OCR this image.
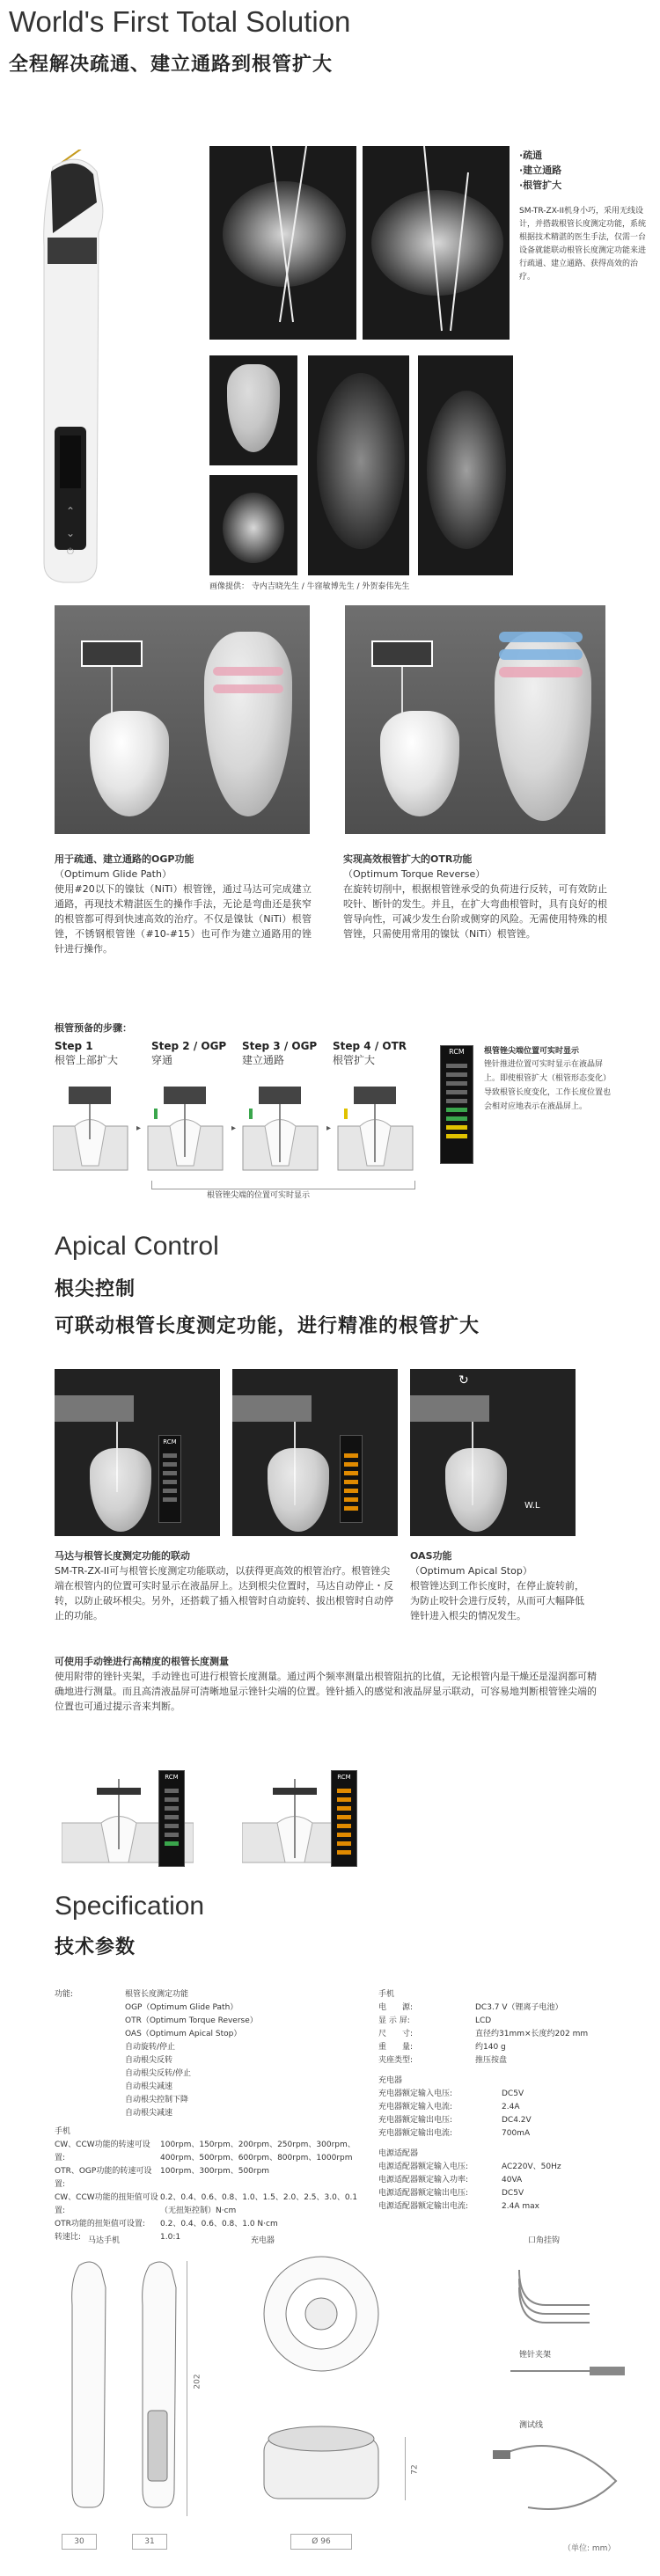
World's First Total Solution
全程解决疏通、建立通路到根管扩大
⌃
⌄
⏻
·疏通
·建立通路
·根管扩大
SM-TR-ZX-II机身小巧，采用无线设计，并搭载根管长度测定功能，系统根据技术精湛的医生手法，仅需一台设备就能联动根管长度测定功能来进行疏通、建立通路、获得高效的治疗。
画像提供： 寺内吉晓先生 / 牛窪敏博先生 / 外贺泰伟先生
用于疏通、建立通路的OGP功能
（Optimum Glide Path）
使用#20以下的镍钛（NiTi）根管锉，通过马达可完成建立通路，再现技术精湛医生的操作手法，无论是弯曲还是狭窄的根管都可得到快速高效的治疗。不仅是镍钛（NiTi）根管锉，不锈钢根管锉（#10-#15）也可作为建立通路用的锉针进行操作。
实现高效根管扩大的OTR功能
（Optimum Torque Reverse）
在旋转切削中，根据根管锉承受的负荷进行反转，可有效防止咬针、断针的发生。并且，在扩大弯曲根管时，具有良好的根管导向性，可减少发生台阶或侧穿的风险。无需使用特殊的根管锉，只需使用常用的镍钛（NiTi）根管锉。
根管预备的步骤：
Step 1
根管上部扩大
Step 2 / OGP
穿通
Step 3 / OGP
建立通路
Step 4 / OTR
根管扩大
▸	▸	▸
根管锉尖端的位置可实时显示
RCM	根管锉尖端位置可实时显示
锉针推进位置可实时显示在液晶屏上。即使根管扩大（根管形态变化）导致根管长度变化，工作长度位置也会相对应地表示在液晶屏上。
Apical Control
根尖控制
可联动根管长度测定功能，进行精准的根管扩大
RCM
↻
W.L
马达与根管长度测定功能的联动
SM-TR-ZX-II可与根管长度测定功能联动，以获得更高效的根管治疗。根管锉尖端在根管内的位置可实时显示在液晶屏上。达到根尖位置时，马达自动停止・反转，以防止破坏根尖。另外，还搭载了插入根管时自动旋转、拔出根管时自动停止的功能。
OAS功能
（Optimum Apical Stop）
根管锉达到工作长度时，在停止旋转前，为防止咬针会进行反转，从而可大幅降低锉针进入根尖的情况发生。
可使用手动锉进行高精度的根管长度测量
使用附带的锉针夹架，手动锉也可进行根管长度测量。通过两个频率测量出根管阻抗的比值，无论根管内是干燥还是湿润都可精确地进行测量。而且高清液晶屏可清晰地显示锉针尖端的位置。锉针插入的感觉和液晶屏显示联动，可容易地判断根管锉尖端的位置也可通过提示音来判断。
RCM	RCM
Specification
技术参数
功能:	根管长度测定功能
OGP（Optimum Glide Path）
OTR（Optimum Torque Reverse）
OAS（Optimum Apical Stop）
自动旋转/停止
自动根尖反转
自动根尖反转/停止
自动根尖减速
自动根尖控制下降
自动根尖减速
手机
CW、CCW功能的转速可设置:
100rpm、150rpm、200rpm、250rpm、300rpm、400rpm、500rpm、600rpm、800rpm、1000rpm
OTR、OGP功能的转速可设置:
100rpm、300rpm、500rpm
CW、CCW功能的扭矩值可设置:
0.2、0.4、0.6、0.8、1.0、1.5、2.0、2.5、3.0、0.1（无扭矩控制）N·cm
OTR功能的扭矩值可设置:	0.2、0.4、0.6、0.8、1.0 N·cm
转速比:	1.0:1
手机
电　　源:	DC3.7 V（锂离子电池）
显 示 屏:	LCD
尺　　寸:	直径约31mm×长度约202 mm
重　　量:	约140 g
夹座类型:	推压按盘
充电器
充电器额定输入电压:	DC5V
充电器额定输入电流:	2.4A
充电器额定输出电压:	DC4.2V
充电器额定输出电流:	700mA
电源适配器
电源适配器额定输入电压:	AC220V、50Hz
电源适配器额定输入功率:	40VA
电源适配器额定输出电压:	DC5V
电源适配器额定输出电流:	2.4A max
马达手机	充电器	口角挂钩
锉针夹架
测试线
30	31
202
72
Ø 96
（单位: mm）
